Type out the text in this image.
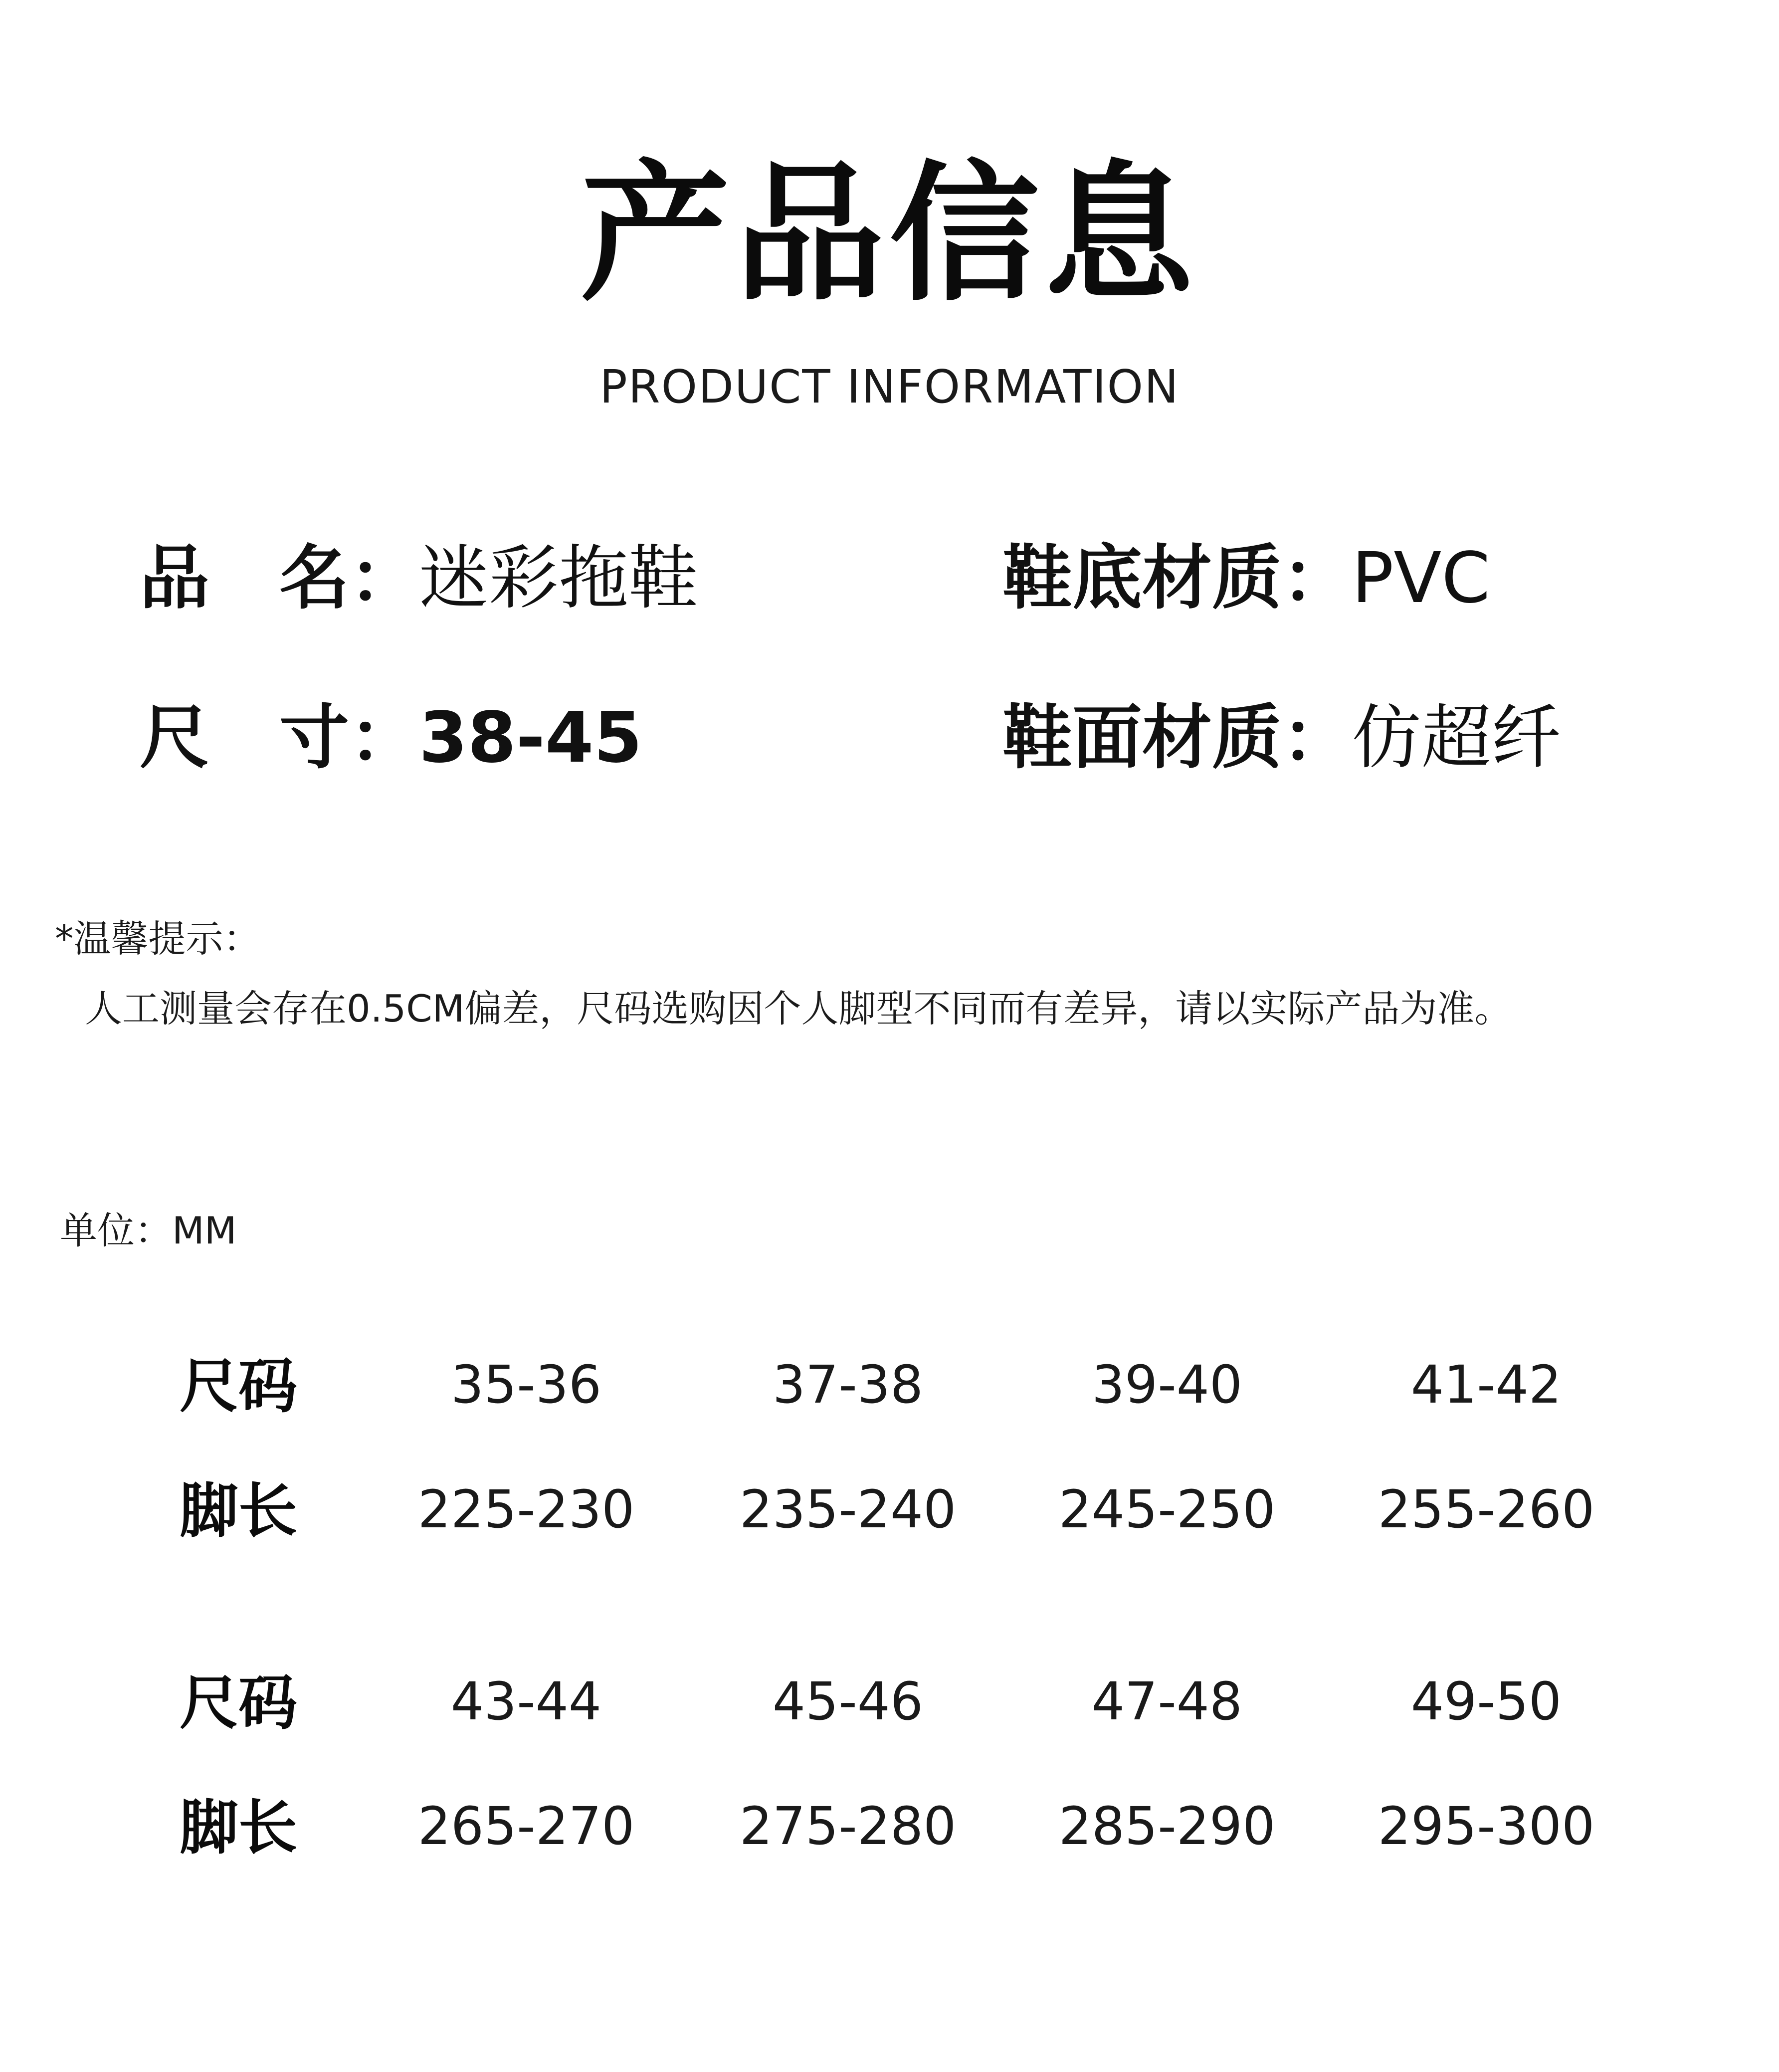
产品信息
PRODUCT INFORMATION
品　名：迷彩拖鞋	鞋底材质：PVC
尺　寸：38-45	鞋面材质：仿超纤
*温馨提示：
人工测量会存在0.5CM偏差，尺码选购因个人脚型不同而有差异，请以实际产品为准。
单位：MM
尺码	35-36	37-38	39-40	41-42
脚长	225-230	235-240	245-250	255-260
尺码	43-44	45-46	47-48	49-50
脚长	265-270	275-280	285-290	295-300
